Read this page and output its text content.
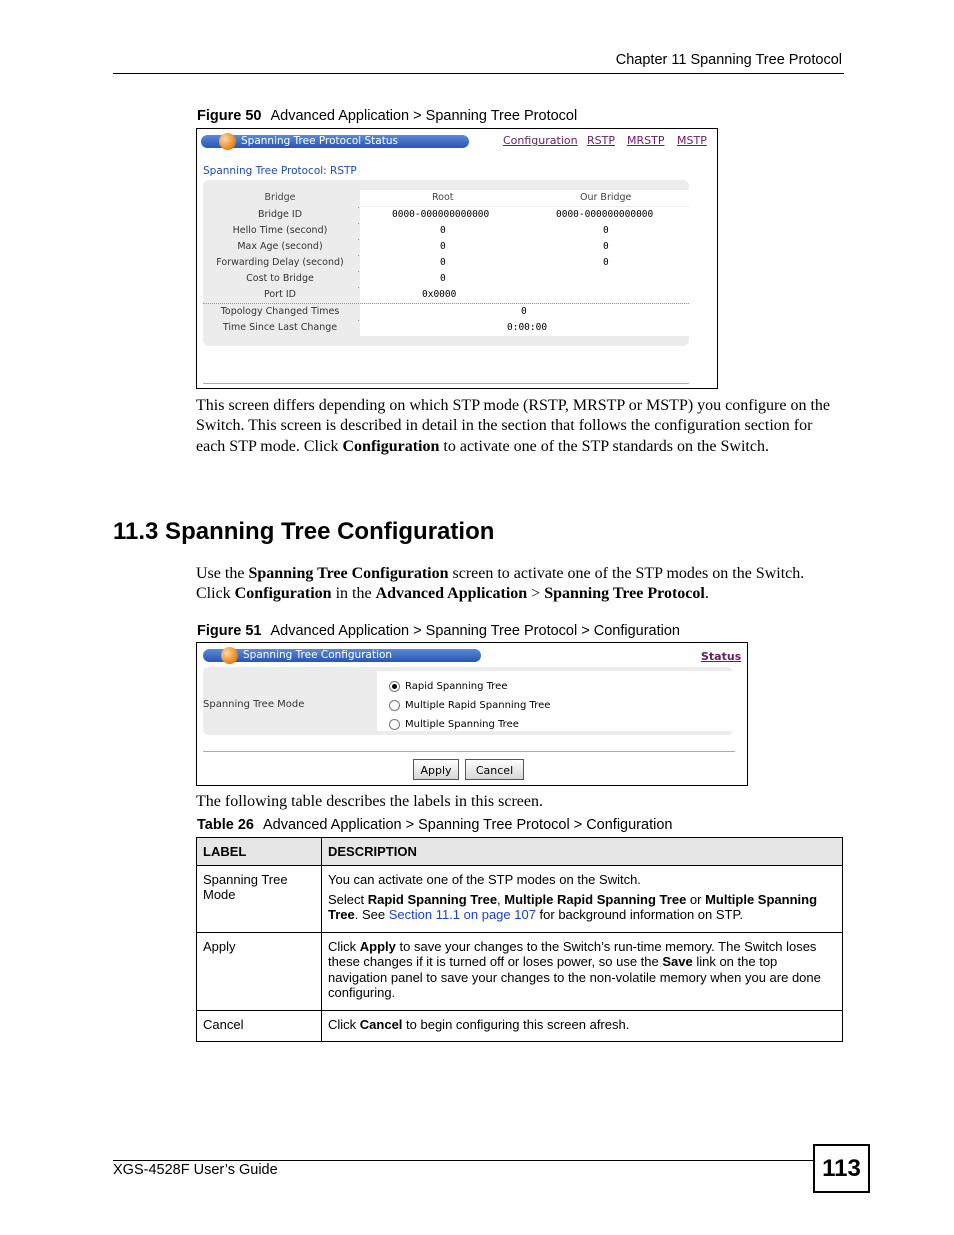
Chapter 11 Spanning Tree Protocol
Figure 50 Advanced Application > Spanning Tree Protocol
Spanning Tree Protocol Status	Configuration RSTP MRSTP MSTP
Spanning Tree Protocol: RSTP
Bridge	Root	Our Bridge
Bridge ID	0000-000000000000	0000-000000000000
Hello Time (second)	0	0
Max Age (second)	0	0
Forwarding Delay (second)	0	0
Cost to Bridge	0
Port ID	0x0000
Topology Changed Times	0
Time Since Last Change	0:00:00
This screen differs depending on which STP mode (RSTP, MRSTP or MSTP) you configure on the Switch. This screen is described in detail in the section that follows the configuration section for each STP mode. Click Configuration to activate one of the STP standards on the Switch.
11.3 Spanning Tree Configuration
Use the Spanning Tree Configuration screen to activate one of the STP modes on the Switch. Click Configuration in the Advanced Application > Spanning Tree Protocol.
Figure 51 Advanced Application > Spanning Tree Protocol > Configuration
Spanning Tree Configuration	Status
Spanning Tree Mode
Rapid Spanning Tree
Multiple Rapid Spanning Tree
Multiple Spanning Tree
Apply	Cancel
The following table describes the labels in this screen.
Table 26 Advanced Application > Spanning Tree Protocol > Configuration
LABEL	DESCRIPTION
Spanning Tree Mode	You can activate one of the STP modes on the Switch.

Select Rapid Spanning Tree, Multiple Rapid Spanning Tree or Multiple Spanning Tree. See Section 11.1 on page 107 for background information on STP.

Apply	Click Apply to save your changes to the Switch’s run-time memory. The Switch loses these changes if it is turned off or loses power, so use the Save link on the top navigation panel to save your changes to the non-volatile memory when you are done configuring.

Cancel	Click Cancel to begin configuring this screen afresh.

XGS-4528F User’s Guide	113
